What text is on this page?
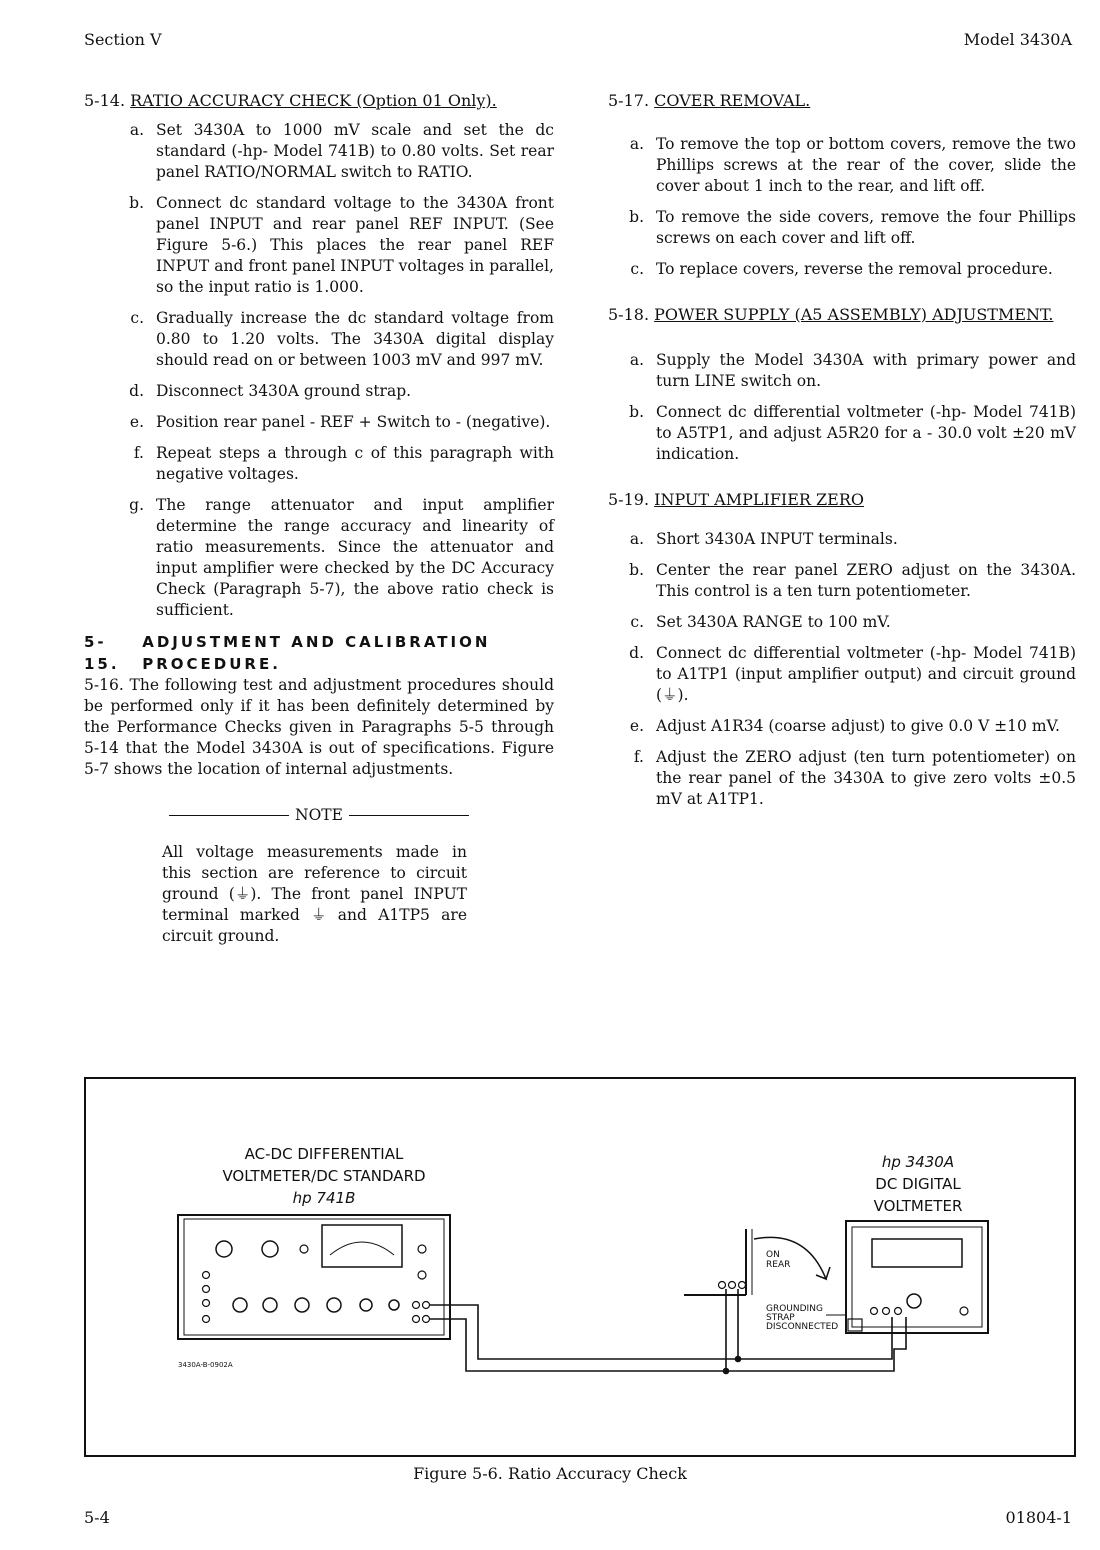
Section V	Model 3430A
5-14. RATIO ACCURACY CHECK (Option 01 Only).
a. Set 3430A to 1000 mV scale and set the dc standard (-hp- Model 741B) to 0.80 volts. Set rear panel RATIO/NORMAL switch to RATIO.
b. Connect dc standard voltage to the 3430A front panel INPUT and rear panel REF INPUT. (See Figure 5-6.) This places the rear panel REF INPUT and front panel INPUT voltages in parallel, so the input ratio is 1.000.
c. Gradually increase the dc standard voltage from 0.80 to 1.20 volts. The 3430A digital display should read on or between 1003 mV and 997 mV.
d. Disconnect 3430A ground strap.
e. Position rear panel - REF + Switch to - (negative).
f. Repeat steps a through c of this paragraph with negative voltages.
g. The range attenuator and input amplifier determine the range accuracy and linearity of ratio measurements. Since the attenuator and input amplifier were checked by the DC Accuracy Check (Paragraph 5-7), the above ratio check is sufficient.
5-15.
ADJUSTMENT AND CALIBRATION PROCEDURE.

5-16. The following test and adjustment procedures should be performed only if it has been definitely determined by the Performance Checks given in Paragraphs 5-5 through 5-14 that the Model 3430A is out of specifications. Figure 5-7 shows the location of internal adjustments.

NOTE
All voltage measurements made in this section are reference to circuit ground (⏚). The front panel INPUT terminal marked ⏚ and A1TP5 are circuit ground.
5-17. COVER REMOVAL.
a. To remove the top or bottom covers, remove the two Phillips screws at the rear of the cover, slide the cover about 1 inch to the rear, and lift off.
b. To remove the side covers, remove the four Phillips screws on each cover and lift off.
c. To replace covers, reverse the removal procedure.
5-18. POWER SUPPLY (A5 ASSEMBLY) ADJUSTMENT.
a. Supply the Model 3430A with primary power and turn LINE switch on.
b. Connect dc differential voltmeter (-hp- Model 741B) to A5TP1, and adjust A5R20 for a - 30.0 volt ±20 mV indication.
5-19. INPUT AMPLIFIER ZERO
a. Short 3430A INPUT terminals.
b. Center the rear panel ZERO adjust on the 3430A. This control is a ten turn potentiometer.
c. Set 3430A RANGE to 100 mV.
d. Connect dc differential voltmeter (-hp- Model 741B) to A1TP1 (input amplifier output) and circuit ground (⏚).
e. Adjust A1R34 (coarse adjust) to give 0.0 V ±10 mV.
f. Adjust the ZERO adjust (ten turn potentiometer) on the rear panel of the 3430A to give zero volts ±0.5 mV at A1TP1.
AC-DC DIFFERENTIAL
VOLTMETER/DC STANDARD
hp 741B
hp 3430A
DC DIGITAL
VOLTMETER
ON
REAR
GROUNDING
STRAP
DISCONNECTED
3430A-B-0902A
Figure 5-6. Ratio Accuracy Check
5-4	01804-1
